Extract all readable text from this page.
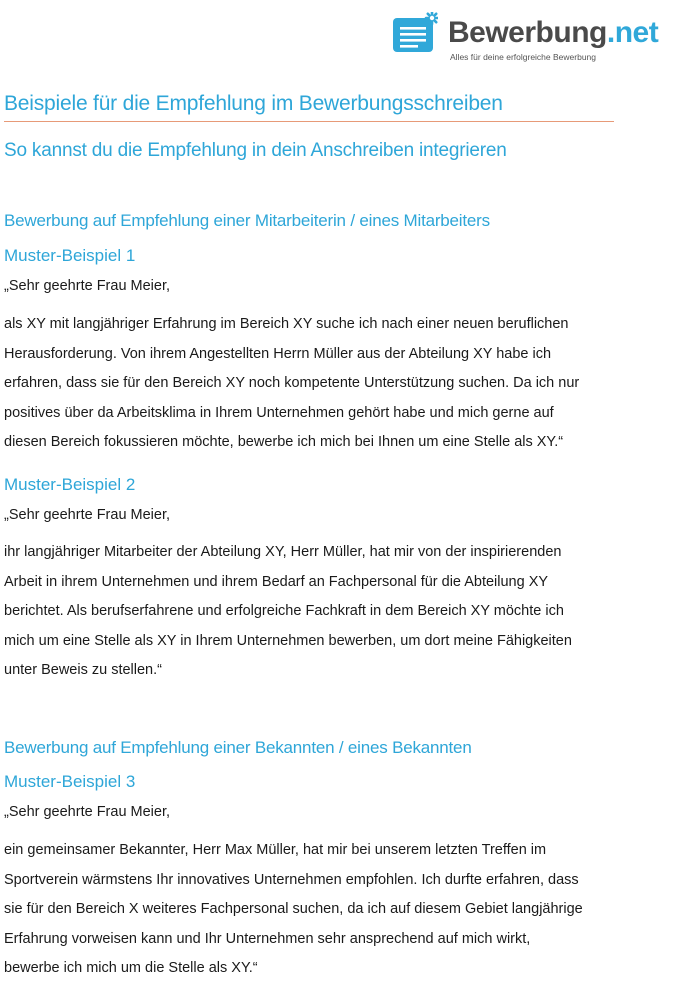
Bewerbung.net
Alles für deine erfolgreiche Bewerbung
Beispiele für die Empfehlung im Bewerbungsschreiben
So kannst du die Empfehlung in dein Anschreiben integrieren
Bewerbung auf Empfehlung einer Mitarbeiterin / eines Mitarbeiters
Muster-Beispiel 1
„Sehr geehrte Frau Meier,
als XY mit langjähriger Erfahrung im Bereich XY suche ich nach einer neuen beruflichen
Herausforderung. Von ihrem Angestellten Herrn Müller aus der Abteilung XY habe ich
erfahren, dass sie für den Bereich XY noch kompetente Unterstützung suchen. Da ich nur
positives über da Arbeitsklima in Ihrem Unternehmen gehört habe und mich gerne auf
diesen Bereich fokussieren möchte, bewerbe ich mich bei Ihnen um eine Stelle als XY.“
Muster-Beispiel 2
„Sehr geehrte Frau Meier,
ihr langjähriger Mitarbeiter der Abteilung XY, Herr Müller, hat mir von der inspirierenden
Arbeit in ihrem Unternehmen und ihrem Bedarf an Fachpersonal für die Abteilung XY
berichtet. Als berufserfahrene und erfolgreiche Fachkraft in dem Bereich XY möchte ich
mich um eine Stelle als XY in Ihrem Unternehmen bewerben, um dort meine Fähigkeiten
unter Beweis zu stellen.“
Bewerbung auf Empfehlung einer Bekannten / eines Bekannten
Muster-Beispiel 3
„Sehr geehrte Frau Meier,
ein gemeinsamer Bekannter, Herr Max Müller, hat mir bei unserem letzten Treffen im
Sportverein wärmstens Ihr innovatives Unternehmen empfohlen. Ich durfte erfahren, dass
sie für den Bereich X weiteres Fachpersonal suchen, da ich auf diesem Gebiet langjährige
Erfahrung vorweisen kann und Ihr Unternehmen sehr ansprechend auf mich wirkt,
bewerbe ich mich um die Stelle als XY.“
